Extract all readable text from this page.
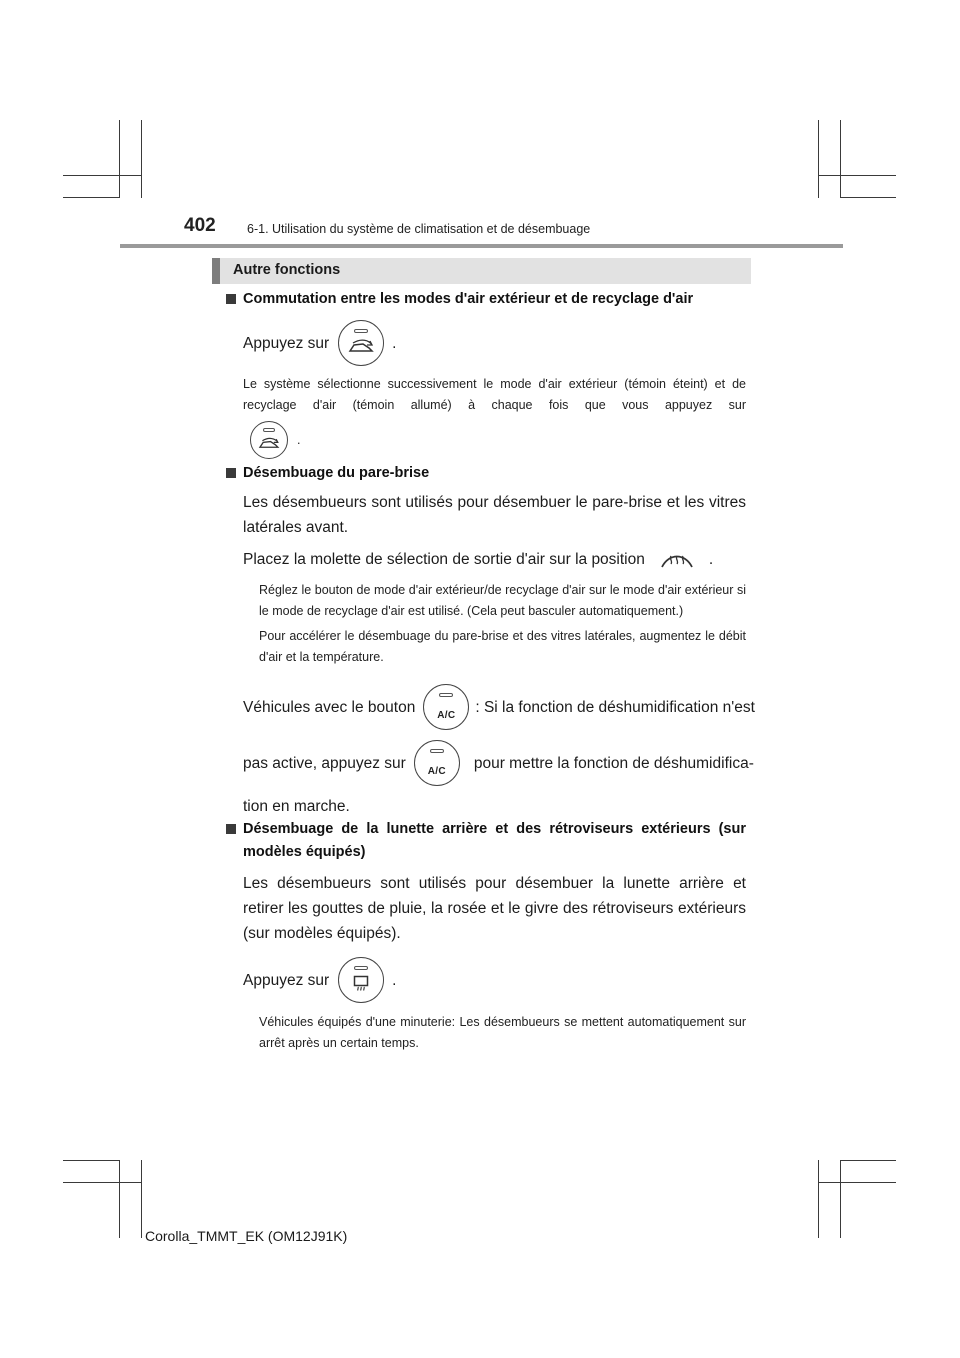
402	6-1. Utilisation du système de climatisation et de désembuage
Autre fonctions
Commutation entre les modes d'air extérieur et de recyclage d'air
Appuyez sur	.
Le système sélectionne successivement le mode d'air extérieur (témoin éteint) et de recyclage d'air (témoin allumé) à chaque fois que vous appuyez sur
.
Désembuage du pare-brise
Les désembueurs sont utilisés pour désembuer le pare-brise et les vitres latérales avant.
Placez la molette de sélection de sortie d'air sur la position	.
Réglez le bouton de mode d'air extérieur/de recyclage d'air sur le mode d'air extérieur si le mode de recyclage d'air est utilisé. (Cela peut basculer automatiquement.)
Pour accélérer le désembuage du pare-brise et des vitres latérales, augmentez le débit d'air et la température.
Véhicules avec le bouton	A/C	: Si la fonction de déshumidification n'est
pas active, appuyez sur	A/C	pour mettre la fonction de déshumidifica-
tion en marche.
Désembuage de la lunette arrière et des rétroviseurs extérieurs (sur modèles équipés)
Les désembueurs sont utilisés pour désembuer la lunette arrière et retirer les gouttes de pluie, la rosée et le givre des rétroviseurs extérieurs (sur modèles équipés).
Appuyez sur	.
Véhicules équipés d'une minuterie: Les désembueurs se mettent automatiquement sur arrêt après un certain temps.
Corolla_TMMT_EK (OM12J91K)
